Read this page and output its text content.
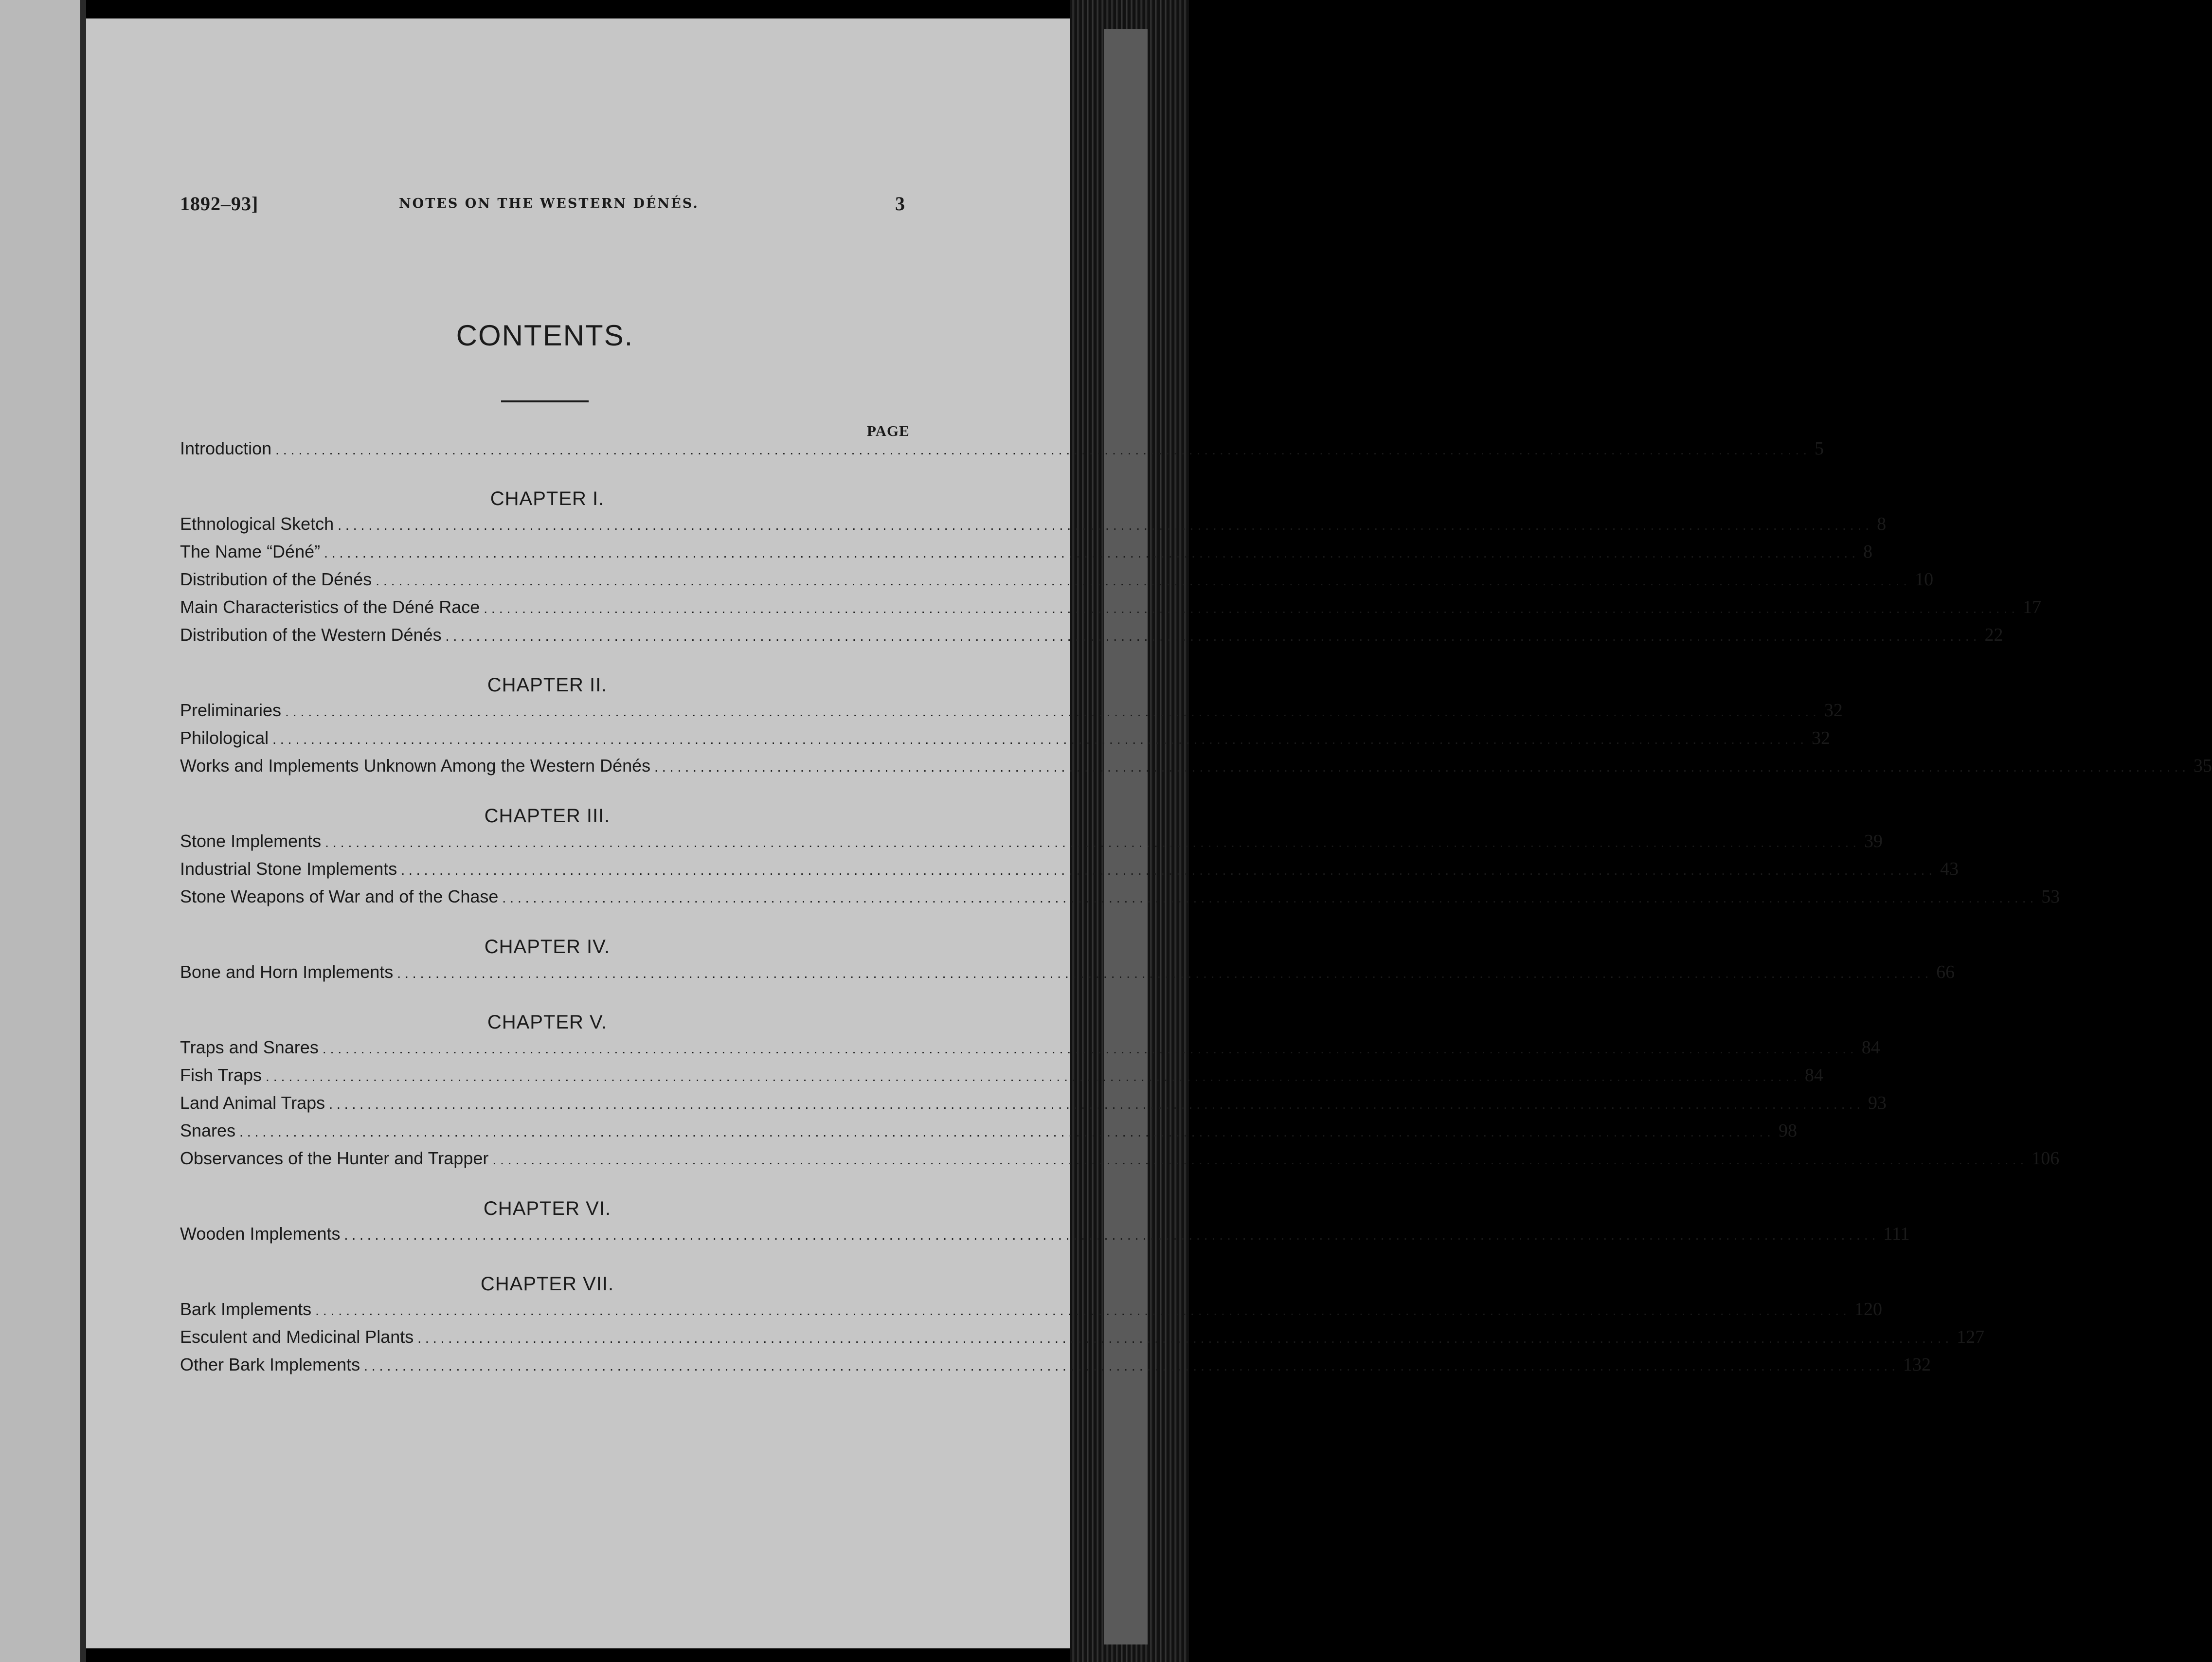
1892–93]	NOTES ON THE WESTERN DÉNÉS.	3
CONTENTS.
PAGE
Introduction ........................................................................................................................................................................................................ 5
CHAPTER I.
Ethnological Sketch ........................................................................................................................................................................................................ 8
The Name “Déné” ........................................................................................................................................................................................................ 8
Distribution of the Dénés ........................................................................................................................................................................................................ 10
Main Characteristics of the Déné Race ........................................................................................................................................................................................................ 17
Distribution of the Western Dénés ........................................................................................................................................................................................................ 22
CHAPTER II.
Preliminaries ........................................................................................................................................................................................................ 32
Philological ........................................................................................................................................................................................................ 32
Works and Implements Unknown Among the Western Dénés ........................................................................................................................................................................................................ 35
CHAPTER III.
Stone Implements ........................................................................................................................................................................................................ 39
Industrial Stone Implements ........................................................................................................................................................................................................ 43
Stone Weapons of War and of the Chase ........................................................................................................................................................................................................ 53
CHAPTER IV.
Bone and Horn Implements ........................................................................................................................................................................................................ 66
CHAPTER V.
Traps and Snares ........................................................................................................................................................................................................ 84
Fish Traps ........................................................................................................................................................................................................ 84
Land Animal Traps ........................................................................................................................................................................................................ 93
Snares ........................................................................................................................................................................................................ 98
Observances of the Hunter and Trapper ........................................................................................................................................................................................................ 106
CHAPTER VI.
Wooden Implements ........................................................................................................................................................................................................ 111
CHAPTER VII.
Bark Implements ........................................................................................................................................................................................................ 120
Esculent and Medicinal Plants ........................................................................................................................................................................................................ 127
Other Bark Implements ........................................................................................................................................................................................................ 132
